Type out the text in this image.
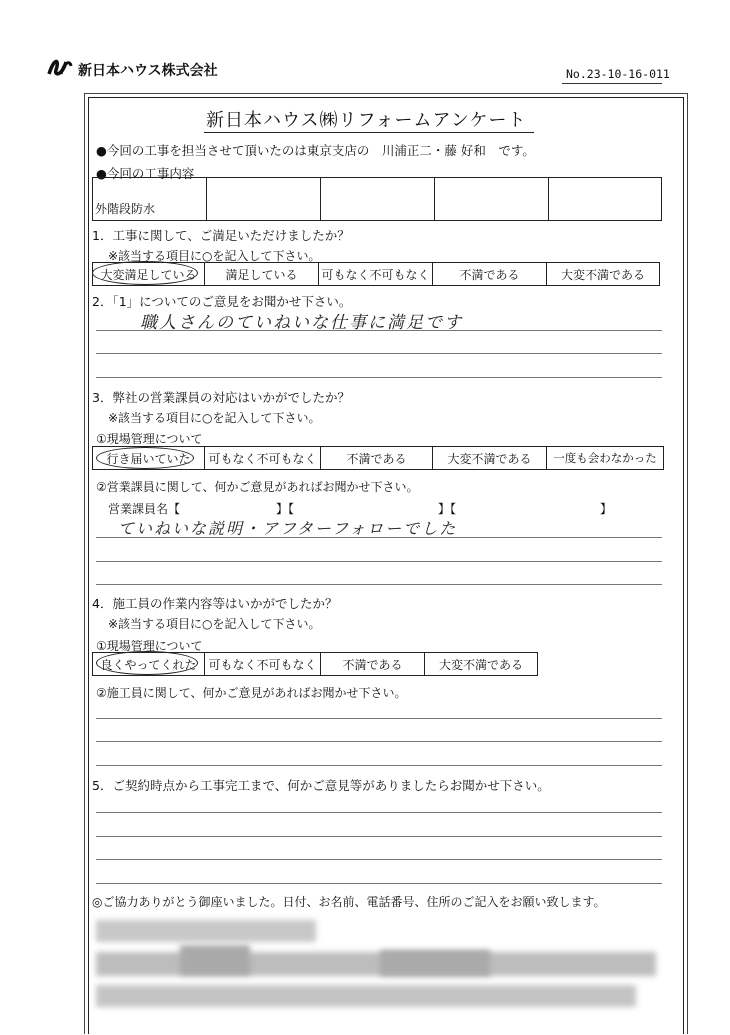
新日本ハウス株式会社	No.23-10-16-011
新日本ハウス㈱リフォームアンケート
●今回の工事を担当させて頂いたのは東京支店の　川浦正二・藤 好和　です。
●今回の工事内容
外階段防水
1．工事に関して、ご満足いただけましたか？
※該当する項目に○を記入して下さい。
大変満足している 満足している 可もなく不可もなく 不満である	大変不満である
2．「1」についてのご意見をお聞かせ下さい。
職人さんのていねいな仕事に満足です
3．弊社の営業課員の対応はいかがでしたか？
※該当する項目に○を記入して下さい。
①現場管理について
行き届いていた 可もなく不可もなく 不満である	大変不満である 一度も会わなかった
②営業課員に関して、何かご意見があればお聞かせ下さい。
営業課員名【　　　　　　　　】【　　　　　　　　　　　　】【　　　　　　　　　　　　】
ていねいな説明・アフターフォローでした
4．施工員の作業内容等はいかがでしたか？
※該当する項目に○を記入して下さい。
①現場管理について
良くやってくれた 可もなく不可もなく 不満である	大変不満である
②施工員に関して、何かご意見があればお聞かせ下さい。
5．ご契約時点から工事完工まで、何かご意見等がありましたらお聞かせ下さい。
◎ご協力ありがとう御座いました。日付、お名前、電話番号、住所のご記入をお願い致します。
